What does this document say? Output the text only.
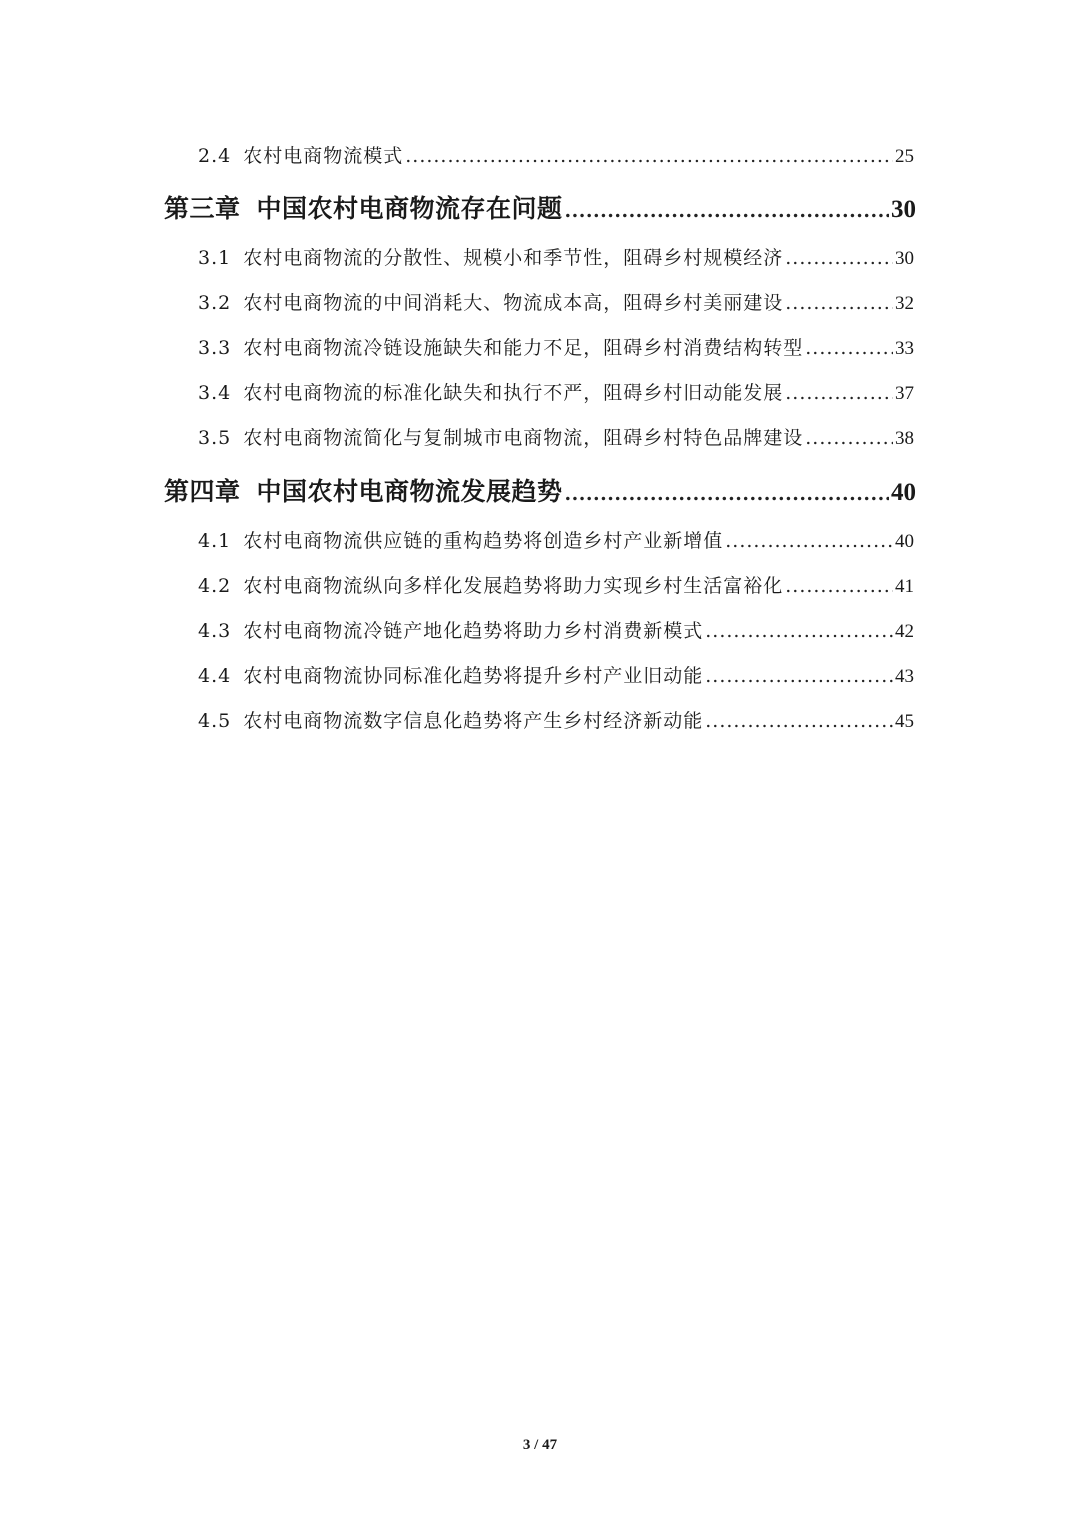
2.4 农村电商物流模式 .....	25
第三章 中国农村电商物流存在问题 .....	30
3.1 农村电商物流的分散性、规模小和季节性，阻碍乡村规模经济 .....	30
3.2 农村电商物流的中间消耗大、物流成本高，阻碍乡村美丽建设 .....	32
3.3 农村电商物流冷链设施缺失和能力不足，阻碍乡村消费结构转型 .....	33
3.4 农村电商物流的标准化缺失和执行不严，阻碍乡村旧动能发展 .....	37
3.5 农村电商物流简化与复制城市电商物流，阻碍乡村特色品牌建设 .....	38
第四章 中国农村电商物流发展趋势 .....	40
4.1 农村电商物流供应链的重构趋势将创造乡村产业新增值 .....	40
4.2 农村电商物流纵向多样化发展趋势将助力实现乡村生活富裕化 .....	41
4.3 农村电商物流冷链产地化趋势将助力乡村消费新模式 .....	42
4.4 农村电商物流协同标准化趋势将提升乡村产业旧动能 .....	43
4.5 农村电商物流数字信息化趋势将产生乡村经济新动能 .....	45
3 / 47
